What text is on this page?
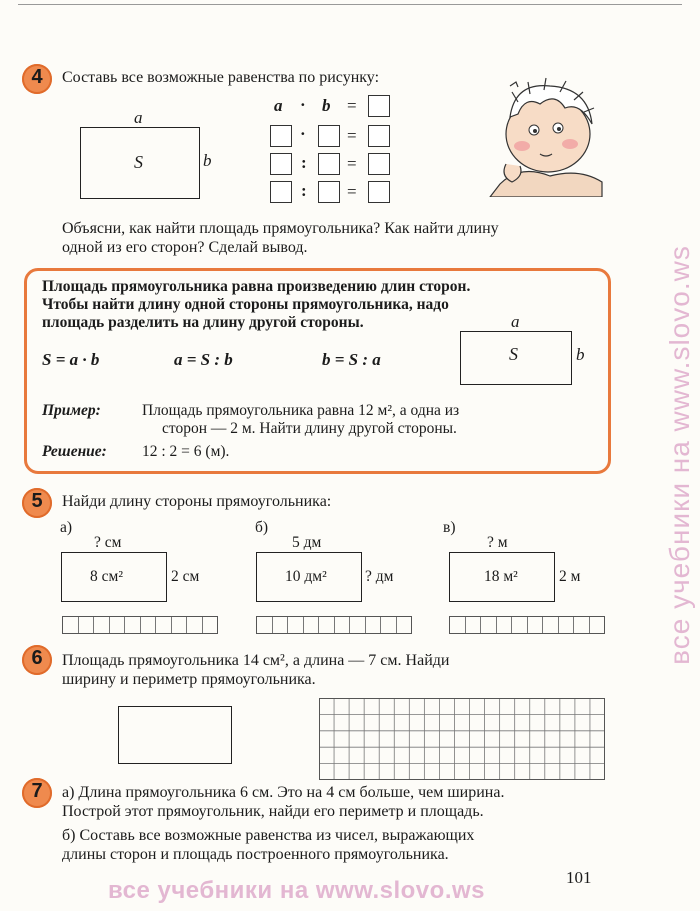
все учебники на www.slovo.ws
4	Составь все возможные равенства по рисунку:
a
S	b
a · b =
· =
: =
: =
Объясни, как найти площадь прямоугольника? Как найти длину
одной из его сторон? Сделай вывод.
Площадь прямоугольника равна произведению длин сторон.
Чтобы найти длину одной стороны прямоугольника, надо
площадь разделить на длину другой стороны.
S = a · b	a = S : b	b = S : a
a
S	b
Пример:	Площадь прямоугольника равна 12 м², а одна из
сторон — 2 м. Найти длину другой стороны.
Решение: 12 : 2 = 6 (м).
5	Найди длину стороны прямоугольника:
а)
? см
8 см²	2 см
б)
5 дм
10 дм² ? дм
в)
? м
18 м²	2 м
6	Площадь прямоугольника 14 см², а длина — 7 см. Найди
ширину и периметр прямоугольника.
7	а) Длина прямоугольника 6 см. Это на 4 см больше, чем ширина.
Построй этот прямоугольник, найди его периметр и площадь.
б) Составь все возможные равенства из чисел, выражающих
длины сторон и площадь построенного прямоугольника.
101
все учебники на www.slovo.ws
